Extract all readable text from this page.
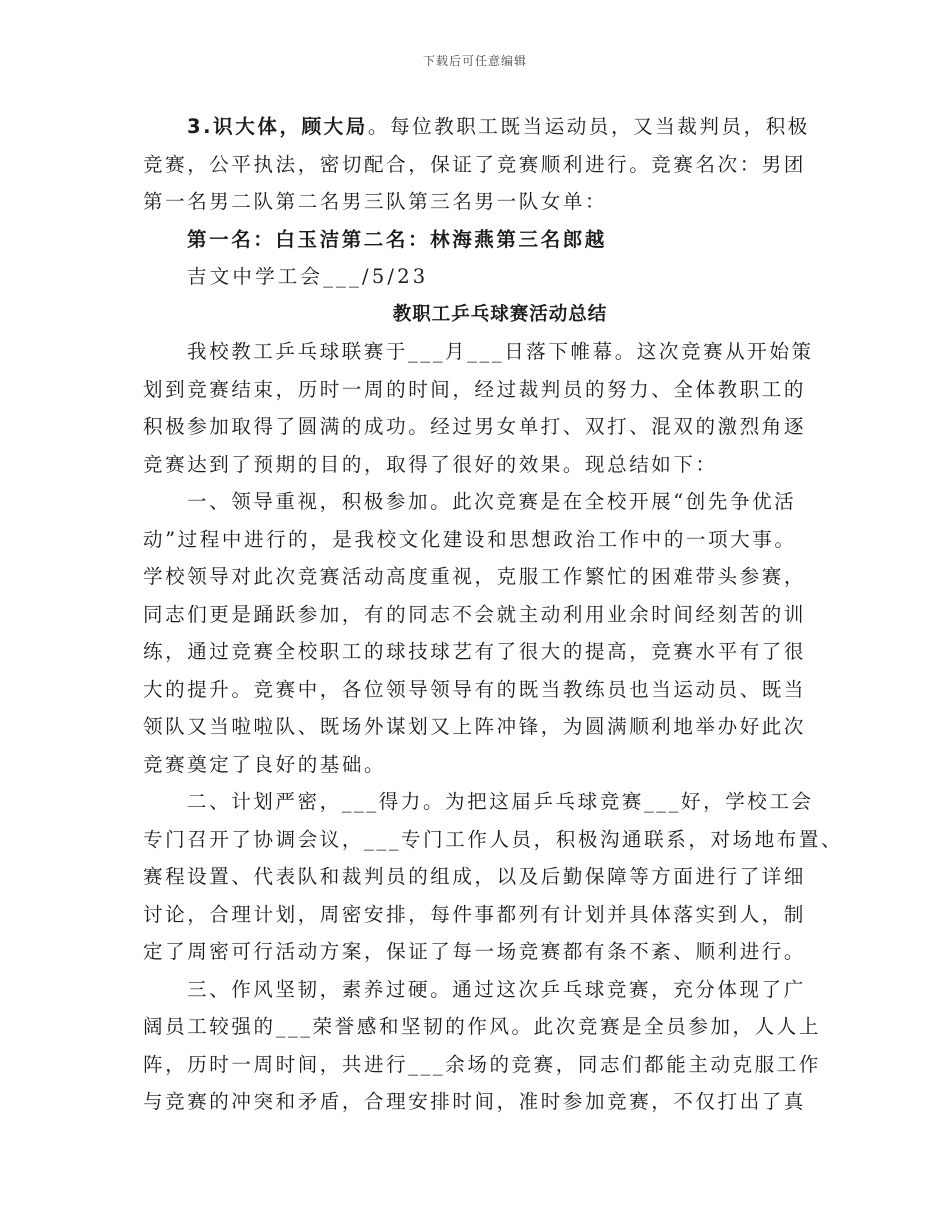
下载后可任意编辑
3.识大体，顾大局。每位教职工既当运动员，又当裁判员，积极
竞赛，公平执法，密切配合，保证了竞赛顺利进行。竞赛名次：男团
第一名男二队第二名男三队第三名男一队女单：
第一名：白玉洁第二名：林海燕第三名郎越
吉文中学工会___/5/23
教职工乒乓球赛活动总结
我校教工乒乓球联赛于___月___日落下帷幕。这次竞赛从开始策
划到竞赛结束，历时一周的时间，经过裁判员的努力、全体教职工的
积极参加取得了圆满的成功。经过男女单打、双打、混双的激烈角逐
竞赛达到了预期的目的，取得了很好的效果。现总结如下：
一、领导重视，积极参加。此次竞赛是在全校开展“创先争优活
动”过程中进行的，是我校文化建设和思想政治工作中的一项大事。
学校领导对此次竞赛活动高度重视，克服工作繁忙的困难带头参赛，
同志们更是踊跃参加，有的同志不会就主动利用业余时间经刻苦的训
练，通过竞赛全校职工的球技球艺有了很大的提高，竞赛水平有了很
大的提升。竞赛中，各位领导领导有的既当教练员也当运动员、既当
领队又当啦啦队、既场外谋划又上阵冲锋，为圆满顺利地举办好此次
竞赛奠定了良好的基础。
二、计划严密，___得力。为把这届乒乓球竞赛___好，学校工会
专门召开了协调会议，___专门工作人员，积极沟通联系，对场地布置、
赛程设置、代表队和裁判员的组成，以及后勤保障等方面进行了详细
讨论，合理计划，周密安排，每件事都列有计划并具体落实到人，制
定了周密可行活动方案，保证了每一场竞赛都有条不紊、顺利进行。
三、作风坚韧，素养过硬。通过这次乒乓球竞赛，充分体现了广
阔员工较强的___荣誉感和坚韧的作风。此次竞赛是全员参加，人人上
阵，历时一周时间，共进行___余场的竞赛，同志们都能主动克服工作
与竞赛的冲突和矛盾，合理安排时间，准时参加竞赛，不仅打出了真
